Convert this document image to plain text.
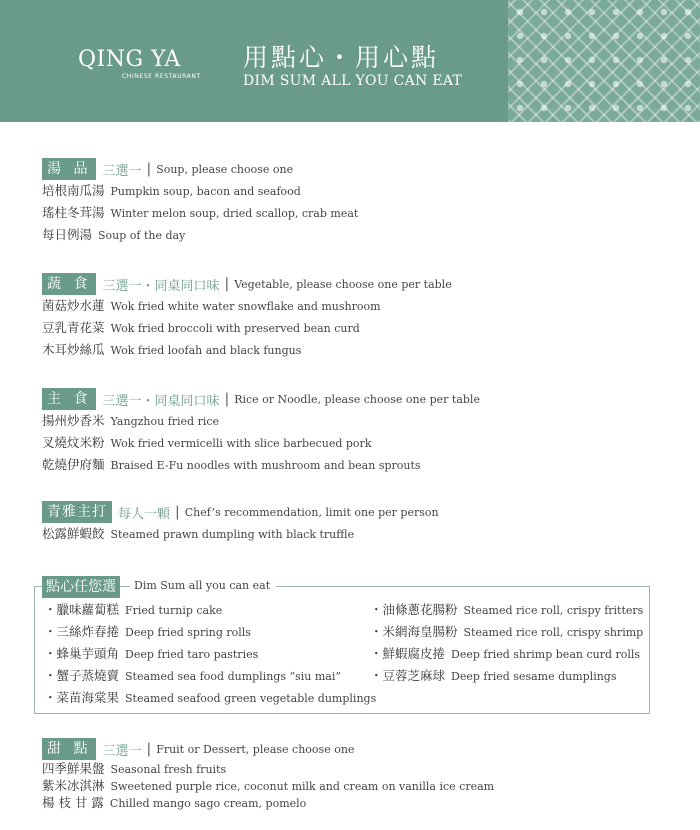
QING YA
CHINESE RESTAURANT
用點心・用心點
DIM SUM ALL YOU CAN EAT
湯 品 三選一 | Soup, please choose one
培根南瓜湯 Pumpkin soup, bacon and seafood
瑤柱冬茸湯 Winter melon soup, dried scallop, crab meat
每日例湯 Soup of the day
蔬 食 三選一・同桌同口味 | Vegetable, please choose one per table
菌菇炒水蓮 Wok fried white water snowflake and mushroom
豆乳青花菜 Wok fried broccoli with preserved bean curd
木耳炒絲瓜 Wok fried loofah and black fungus
主 食 三選一・同桌同口味 | Rice or Noodle, please choose one per table
揚州炒香米 Yangzhou fried rice
叉燒炆米粉 Wok fried vermicelli with slice barbecued pork
乾燒伊府麵 Braised E-Fu noodles with mushroom and bean sprouts
青雅主打 每人一顆 | Chef’s recommendation, limit one per person
松露鮮蝦餃 Steamed prawn dumpling with black truffle
點心任您選	Dim Sum all you can eat
・臘味蘿蔔糕 Fried turnip cake
・三絲炸春捲 Deep fried spring rolls
・蜂巢芋頭角 Deep fried taro pastries
・蟹子蒸燒賣 Steamed sea food dumplings “siu mai”
・菜苗海棠果 Steamed seafood green vegetable dumplings
・油條蔥花腸粉 Steamed rice roll, crispy fritters
・米網海皇腸粉 Steamed rice roll, crispy shrimp
・鮮蝦腐皮捲 Deep fried shrimp bean curd rolls
・豆蓉芝麻球 Deep fried sesame dumplings
甜 點 三選一 | Fruit or Dessert, please choose one
四季鮮果盤 Seasonal fresh fruits
紫米冰淇淋 Sweetened purple rice, coconut milk and cream on vanilla ice cream
楊 枝 甘 露 Chilled mango sago cream, pomelo
